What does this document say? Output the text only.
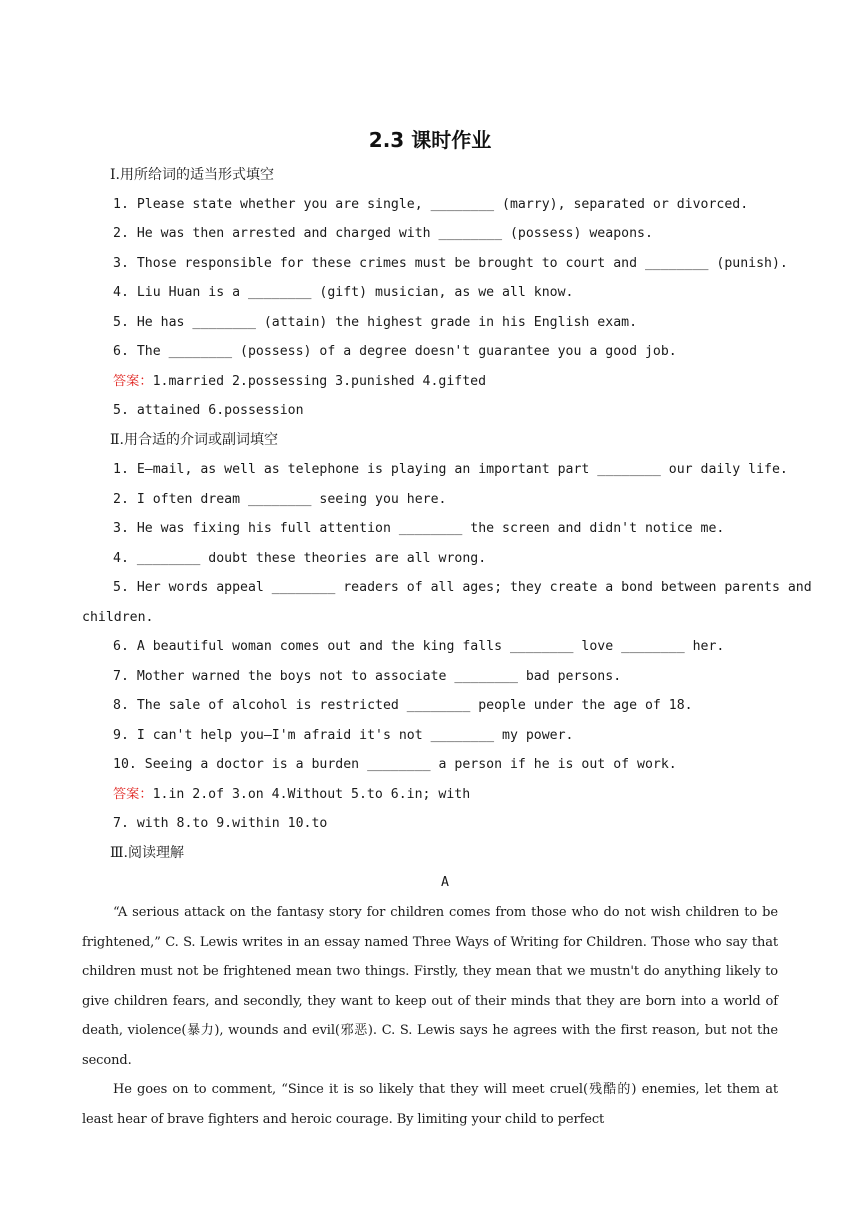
2.3 课时作业
Ⅰ.用所给词的适当形式填空
1. Please state whether you are single, ________ (marry), separated or divorced.
2. He was then arrested and charged with ________ (possess) weapons.
3. Those responsible for these crimes must be brought to court and ________ (punish).
4. Liu Huan is a ________ (gift) musician, as we all know.
5. He has ________ (attain) the highest grade in his English exam.
6. The ________ (possess) of a degree doesn't guarantee you a good job.
答案：1.married 2.possessing 3.punished 4.gifted
5. attained 6.possession
Ⅱ.用合适的介词或副词填空
1. E—mail, as well as telephone is playing an important part ________ our daily life.
2. I often dream ________ seeing you here.
3. He was fixing his full attention ________ the screen and didn't notice me.
4. ________ doubt these theories are all wrong.
5. Her words appeal ________ readers of all ages; they create a bond between parents and
children.
6. A beautiful woman comes out and the king falls ________ love ________ her.
7. Mother warned the boys not to associate ________ bad persons.
8. The sale of alcohol is restricted ________ people under the age of 18.
9. I can't help you—I'm afraid it's not ________ my power.
10. Seeing a doctor is a burden ________ a person if he is out of work.
答案：1.in 2.of 3.on 4.Without 5.to 6.in; with
7. with 8.to 9.within 10.to
Ⅲ.阅读理解
A
“A serious attack on the fantasy story for children comes from those who do not wish children to be frightened,” C. S. Lewis writes in an essay named Three Ways of Writing for Children. Those who say that children must not be frightened mean two things. Firstly, they mean that we mustn't do anything likely to give children fears, and secondly, they want to keep out of their minds that they are born into a world of death, violence(暴力), wounds and evil(邪恶). C. S. Lewis says he agrees with the first reason, but not the second.
He goes on to comment, “Since it is so likely that they will meet cruel(残酷的) enemies, let them at least hear of brave fighters and heroic courage. By limiting your child to perfect
